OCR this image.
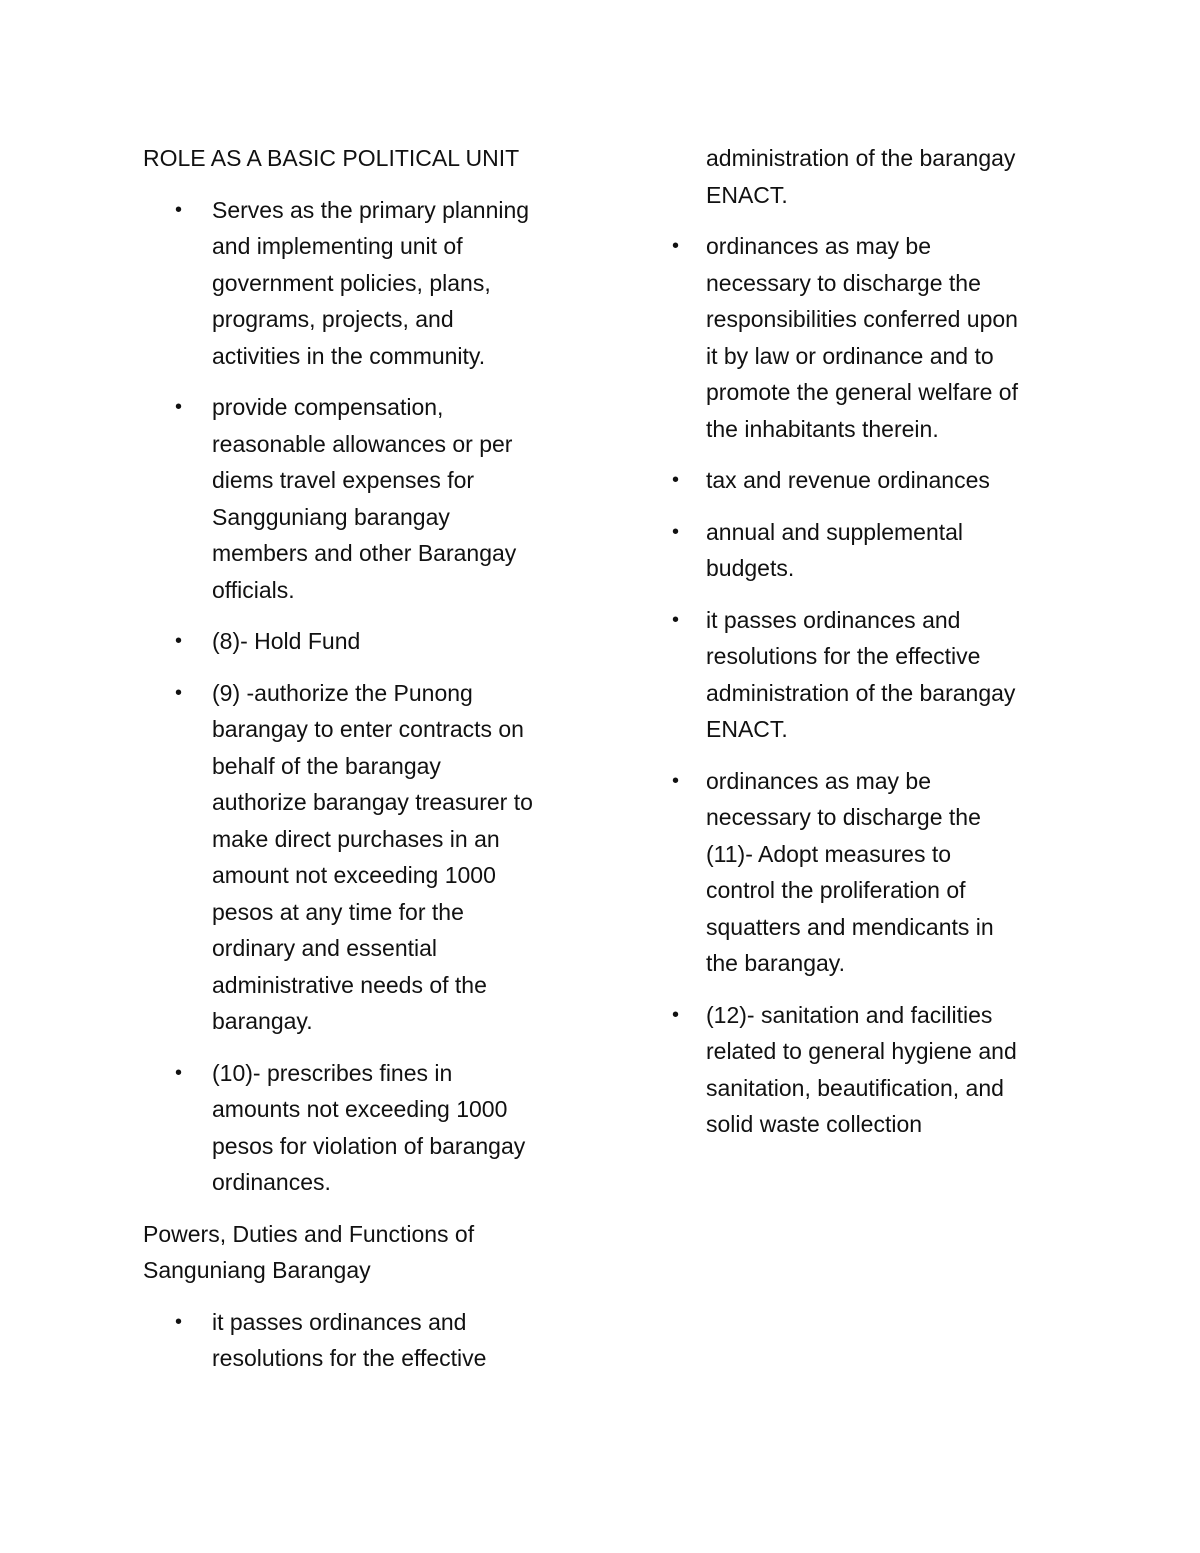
ROLE AS A BASIC POLITICAL UNIT
• Serves as the primary planning
and implementing unit of
government policies, plans,
programs, projects, and
activities in the community.
• provide compensation,
reasonable allowances or per
diems travel expenses for
Sangguniang barangay
members and other Barangay
officials.
• (8)- Hold Fund
• (9) -authorize the Punong
barangay to enter contracts on
behalf of the barangay
authorize barangay treasurer to
make direct purchases in an
amount not exceeding 1000
pesos at any time for the
ordinary and essential
administrative needs of the
barangay.
• (10)- prescribes fines in
amounts not exceeding 1000
pesos for violation of barangay
ordinances.
Powers, Duties and Functions of
Sanguniang Barangay
• it passes ordinances and
resolutions for the effective
administration of the barangay
ENACT.
• ordinances as may be
necessary to discharge the
responsibilities conferred upon
it by law or ordinance and to
promote the general welfare of
the inhabitants therein.
• tax and revenue ordinances
• annual and supplemental
budgets.
• it passes ordinances and
resolutions for the effective
administration of the barangay
ENACT.
• ordinances as may be
necessary to discharge the
(11)- Adopt measures to
control the proliferation of
squatters and mendicants in
the barangay.
• (12)- sanitation and facilities
related to general hygiene and
sanitation, beautification, and
solid waste collection
